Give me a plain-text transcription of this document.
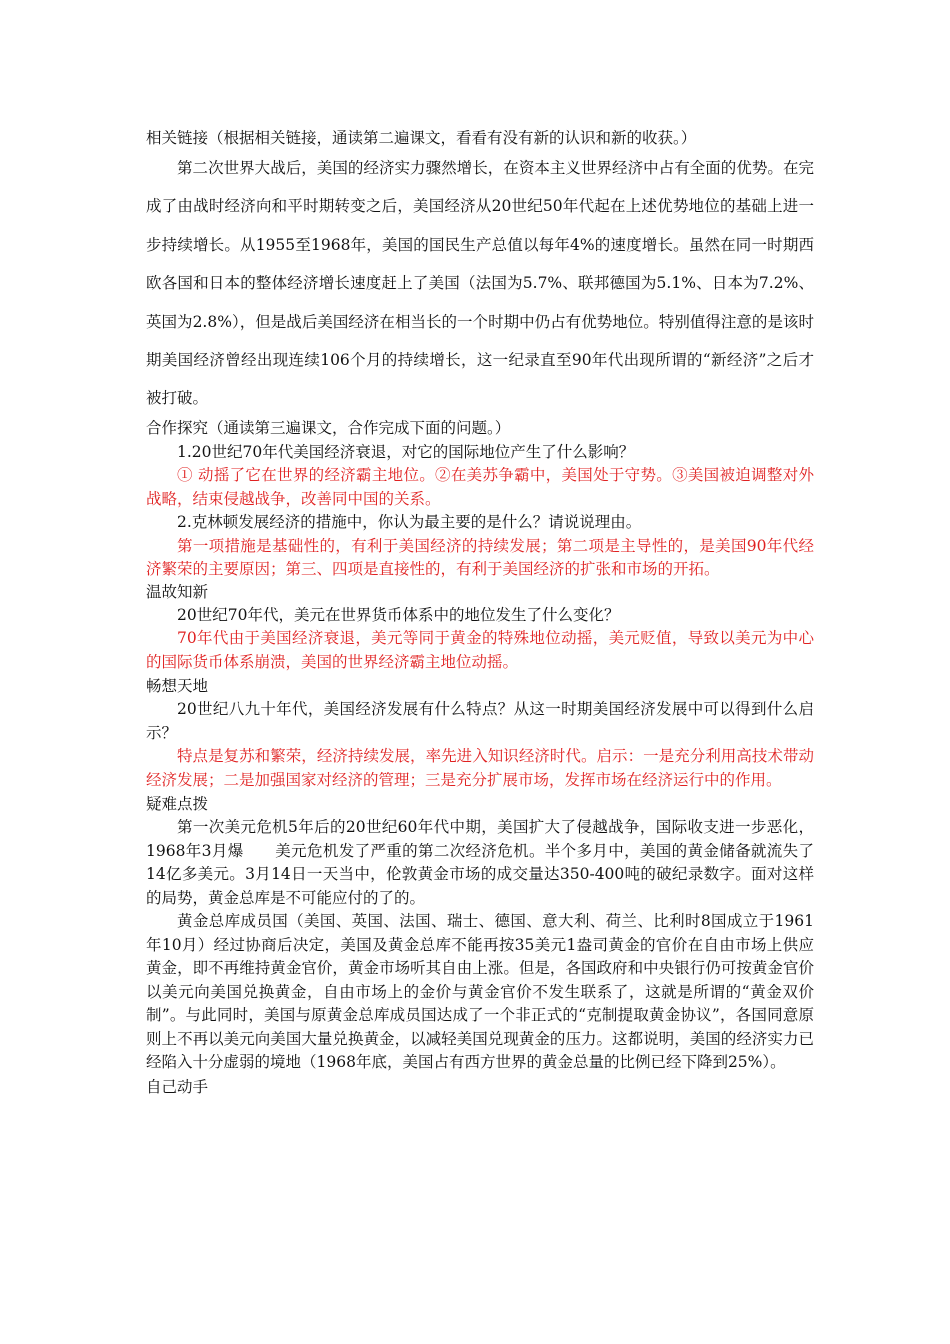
相关链接（根据相关链接，通读第二遍课文，看看有没有新的认识和新的收获。）

第二次世界大战后，美国的经济实力骤然增长，在资本主义世界经济中占有全面的优势。在完成了由战时经济向和平时期转变之后，美国经济从20世纪50年代起在上述优势地位的基础上进一步持续增长。从1955至1968年，美国的国民生产总值以每年4%的速度增长。虽然在同一时期西欧各国和日本的整体经济增长速度赶上了美国（法国为5.7%、联邦德国为5.1%、日本为7.2%、英国为2.8%），但是战后美国经济在相当长的一个时期中仍占有优势地位。特别值得注意的是该时期美国经济曾经出现连续106个月的持续增长，这一纪录直至90年代出现所谓的“新经济”之后才被打破。

合作探究（通读第三遍课文，合作完成下面的问题。）

1.20世纪70年代美国经济衰退，对它的国际地位产生了什么影响？

① 动摇了它在世界的经济霸主地位。②在美苏争霸中，美国处于守势。③美国被迫调整对外战略，结束侵越战争，改善同中国的关系。

2.克林顿发展经济的措施中，你认为最主要的是什么？请说说理由。

第一项措施是基础性的，有利于美国经济的持续发展；第二项是主导性的，是美国90年代经济繁荣的主要原因；第三、四项是直接性的，有利于美国经济的扩张和市场的开拓。

温故知新

20世纪70年代，美元在世界货币体系中的地位发生了什么变化？

70年代由于美国经济衰退，美元等同于黄金的特殊地位动摇，美元贬值，导致以美元为中心的国际货币体系崩溃，美国的世界经济霸主地位动摇。

畅想天地

20世纪八九十年代，美国经济发展有什么特点？从这一时期美国经济发展中可以得到什么启示？

特点是复苏和繁荣，经济持续发展，率先进入知识经济时代。启示：一是充分利用高技术带动经济发展；二是加强国家对经济的管理；三是充分扩展市场，发挥市场在经济运行中的作用。

疑难点拨

第一次美元危机5年后的20世纪60年代中期，美国扩大了侵越战争，国际收支进一步恶化，1968年3月爆　　美元危机发了严重的第二次经济危机。半个多月中，美国的黄金储备就流失了14亿多美元。3月14日一天当中，伦敦黄金市场的成交量达350-400吨的破纪录数字。面对这样的局势，黄金总库是不可能应付的了的。

黄金总库成员国（美国、英国、法国、瑞士、德国、意大利、荷兰、比利时8国成立于1961年10月）经过协商后决定，美国及黄金总库不能再按35美元1盎司黄金的官价在自由市场上供应黄金，即不再维持黄金官价，黄金市场听其自由上涨。但是，各国政府和中央银行仍可按黄金官价以美元向美国兑换黄金，自由市场上的金价与黄金官价不发生联系了，这就是所谓的“黄金双价制”。与此同时，美国与原黄金总库成员国达成了一个非正式的“克制提取黄金协议”，各国同意原则上不再以美元向美国大量兑换黄金，以减轻美国兑现黄金的压力。这都说明，美国的经济实力已经陷入十分虚弱的境地（1968年底，美国占有西方世界的黄金总量的比例已经下降到25%）。

自己动手
